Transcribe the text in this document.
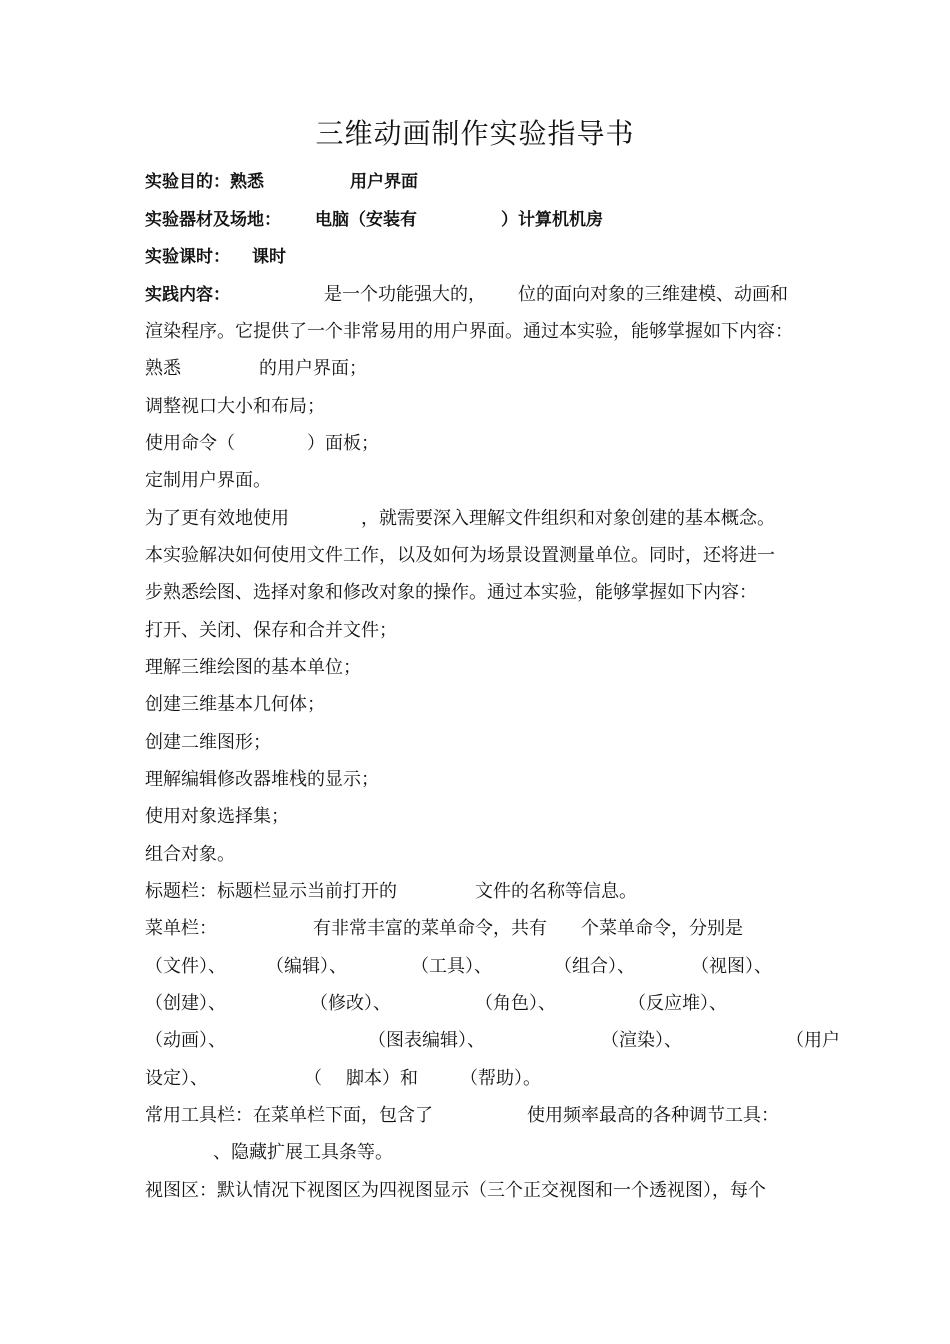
三维动画制作实验指导书
实验目的：熟悉	用户界面
实验器材及场地： 电脑（安装有	）计算机机房
实验课时： 课时
实践内容：	是一个功能强大的， 位的面向对象的三维建模、动画和
渲染程序。它提供了一个非常易用的用户界面。通过本实验，能够掌握如下内容：
熟悉	的用户界面；
调整视口大小和布局；
使用命令（	）面板；
定制用户界面。
为了更有效地使用	，就需要深入理解文件组织和对象创建的基本概念。
本实验解决如何使用文件工作，以及如何为场景设置测量单位。同时，还将进一
步熟悉绘图、选择对象和修改对象的操作。通过本实验，能够掌握如下内容：
打开、关闭、保存和合并文件；
理解三维绘图的基本单位；
创建三维基本几何体；
创建二维图形；
理解编辑修改器堆栈的显示；
使用对象选择集；
组合对象。
标题栏：标题栏显示当前打开的	文件的名称等信息。
菜单栏：	有非常丰富的菜单命令，共有 个菜单命令，分别是
（文件）、 （编辑）、	（工具）、	（组合）、	（视图）、
（创建）、	（修改）、	（角色）、	（反应堆）、
（动画）、	（图表编辑）、	（渲染）、	（用户
设定）、	（ 脚本）和 （帮助）。
常用工具栏：在菜单栏下面，包含了	使用频率最高的各种调节工具：
、隐藏扩展工具条等。
视图区：默认情况下视图区为四视图显示（三个正交视图和一个透视图），每个
